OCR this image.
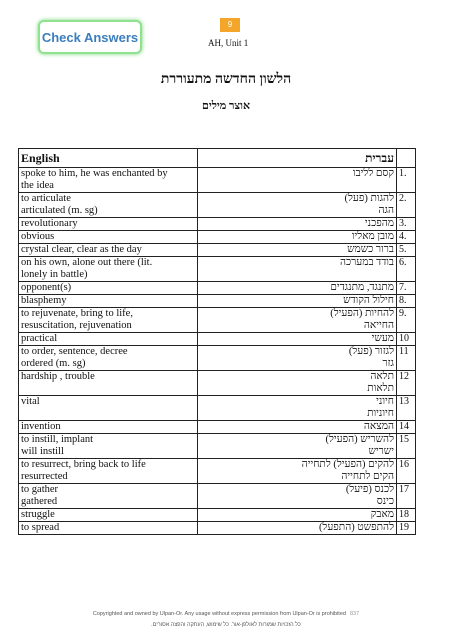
Check Answers
9
AH, Unit 1
הלשון החדשה מתעוררת
אוצר מילים
English	עברית	

spoke to him, he was enchanted by
the idea	קסם לליבו	1.

to articulate
articulated (m. sg)	להגות (פעל)
הגה	2.

revolutionary	מהפכני	3.

obvious	מובן מאליו	4.

crystal clear, clear as the day	ברור כשמש	5.

on his own, alone out there (lit.
lonely in battle)	בודד במערכה	6.

opponent(s)	מתנגד, מתנגדים	7.

blasphemy	חילול הקודש	8.

to rejuvenate, bring to life,
resuscitation, rejuvenation	להחיות (הפעיל)
החייאה	9.

practical	מעשי	10

to order, sentence, decree
ordered (m. sg)	לגזור (פעל)
גזר	11

hardship , trouble	תלאה
תלאות	12

vital	חיוני
חיוניות	13

invention	המצאה	14

to instill, implant
will instill	להשריש (הפעיל)
ישריש	15

to resurrect, bring back to life
resurrected	להקים (הפעיל) לתחייה
הקים לתחייה	16

to gather
gathered	לכנס (פיעל)
כינס	17

struggle	מאבק	18

to spread	להתפשט (התפעל)	19
Copyrighted and owned by Ulpan-Or. Any usage without express permission from Ulpan-Or is prohibited 837
כל הזכויות שמורות לאולפן-אור. כל שימוש, העתקה והפצה אסורים.
